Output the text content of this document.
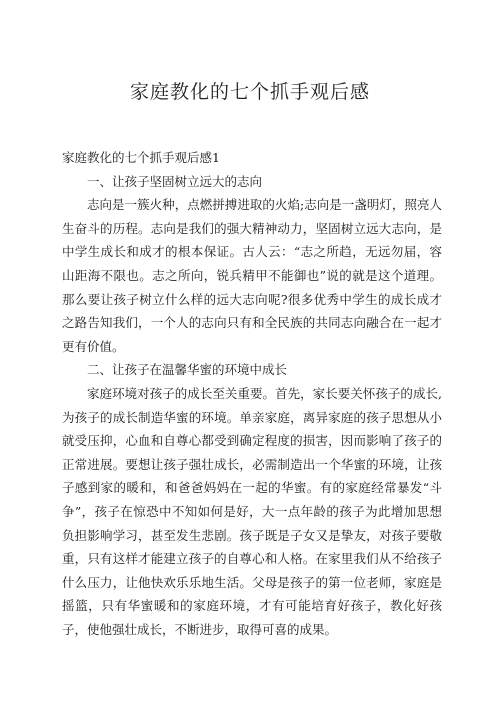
家庭教化的七个抓手观后感

家庭教化的七个抓手观后感1

一、让孩子坚固树立远大的志向

志向是一簇火种，点燃拼搏进取的火焰;志向是一盏明灯，照亮人生奋斗的历程。志向是我们的强大精神动力，坚固树立远大志向，是中学生成长和成才的根本保证。古人云：“志之所趋，无远勿届，容山距海不限也。志之所向，锐兵精甲不能御也”说的就是这个道理。那么要让孩子树立什么样的远大志向呢?很多优秀中学生的成长成才之路告知我们，一个人的志向只有和全民族的共同志向融合在一起才更有价值。

二、让孩子在温馨华蜜的环境中成长

家庭环境对孩子的成长至关重要。首先，家长要关怀孩子的成长,为孩子的成长制造华蜜的环境。单亲家庭，离异家庭的孩子思想从小就受压抑，心血和自尊心都受到确定程度的损害，因而影响了孩子的正常进展。要想让孩子强壮成长，必需制造出一个华蜜的环境，让孩子感到家的暖和，和爸爸妈妈在一起的华蜜。有的家庭经常暴发“斗争”，孩子在惊恐中不知如何是好，大一点年龄的孩子为此增加思想负担影响学习，甚至发生悲剧。孩子既是子女又是挚友，对孩子要敬重，只有这样才能建立孩子的自尊心和人格。在家里我们从不给孩子什么压力，让他快欢乐乐地生活。父母是孩子的第一位老师，家庭是摇篮，只有华蜜暖和的家庭环境，才有可能培育好孩子，教化好孩子，使他强壮成长，不断进步，取得可喜的成果。
